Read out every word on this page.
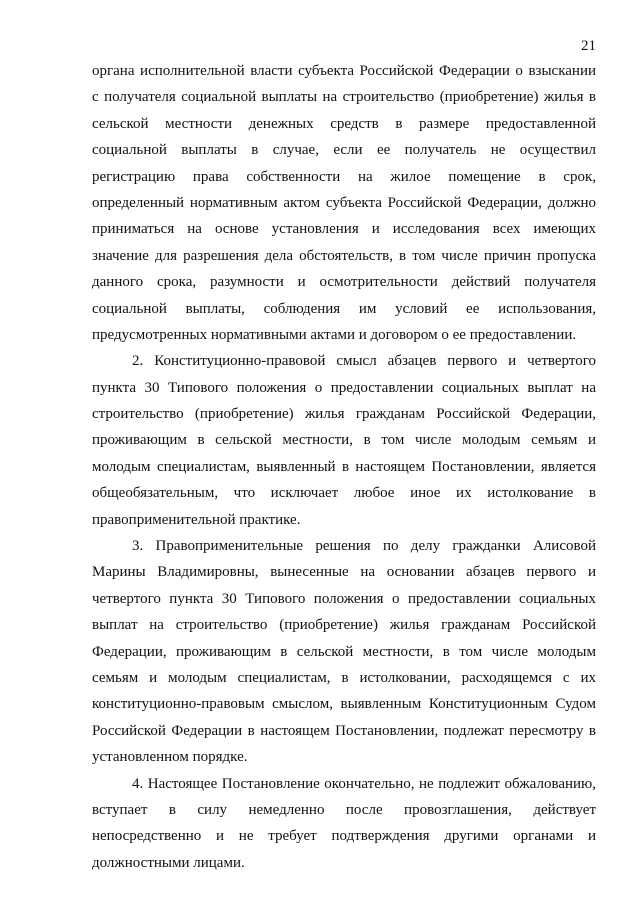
21
органа исполнительной власти субъекта Российской Федерации о взыскании
с получателя социальной выплаты на строительство (приобретение) жилья в
сельской местности денежных средств в размере предоставленной
социальной выплаты в случае, если ее получатель не осуществил
регистрацию права собственности на жилое помещение в срок,
определенный нормативным актом субъекта Российской Федерации, должно
приниматься на основе установления и исследования всех имеющих
значение для разрешения дела обстоятельств, в том числе причин пропуска
данного срока, разумности и осмотрительности действий получателя
социальной выплаты, соблюдения им условий ее использования,
предусмотренных нормативными актами и договором о ее предоставлении.
2. Конституционно-правовой смысл абзацев первого и четвертого
пункта 30 Типового положения о предоставлении социальных выплат на
строительство (приобретение) жилья гражданам Российской Федерации,
проживающим в сельской местности, в том числе молодым семьям и
молодым специалистам, выявленный в настоящем Постановлении, является
общеобязательным, что исключает любое иное их истолкование в
правоприменительной практике.
3. Правоприменительные решения по делу гражданки Алисовой
Марины Владимировны, вынесенные на основании абзацев первого и
четвертого пункта 30 Типового положения о предоставлении социальных
выплат на строительство (приобретение) жилья гражданам Российской
Федерации, проживающим в сельской местности, в том числе молодым
семьям и молодым специалистам, в истолковании, расходящемся с их
конституционно-правовым смыслом, выявленным Конституционным Судом
Российской Федерации в настоящем Постановлении, подлежат пересмотру в
установленном порядке.
4. Настоящее Постановление окончательно, не подлежит обжалованию,
вступает в силу немедленно после провозглашения, действует
непосредственно и не требует подтверждения другими органами и
должностными лицами.
